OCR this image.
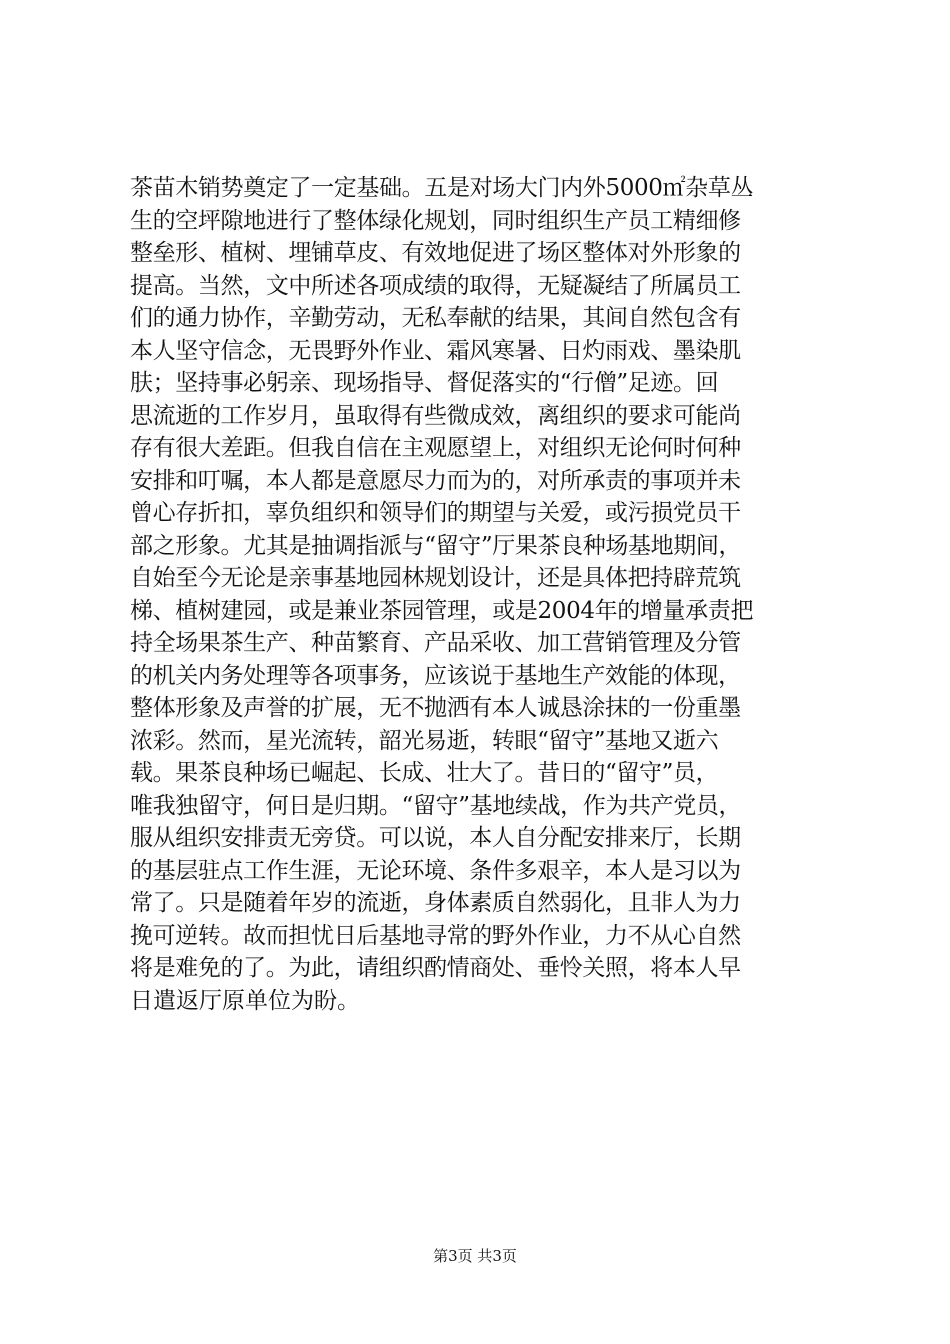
茶苗木销势奠定了一定基础。五是对场大门内外5000㎡杂草丛
生的空坪隙地进行了整体绿化规划，同时组织生产员工精细修
整垒形、植树、埋铺草皮、有效地促进了场区整体对外形象的
提高。当然，文中所述各项成绩的取得，无疑凝结了所属员工
们的通力协作，辛勤劳动，无私奉献的结果，其间自然包含有
本人坚守信念，无畏野外作业、霜风寒暑、日灼雨戏、墨染肌
肤；坚持事必躬亲、现场指导、督促落实的“行僧”足迹。回
思流逝的工作岁月，虽取得有些微成效，离组织的要求可能尚
存有很大差距。但我自信在主观愿望上，对组织无论何时何种
安排和叮嘱，本人都是意愿尽力而为的，对所承责的事项并未
曾心存折扣，辜负组织和领导们的期望与关爱，或污损党员干
部之形象。尤其是抽调指派与“留守”厅果茶良种场基地期间，
自始至今无论是亲事基地园林规划设计，还是具体把持辟荒筑
梯、植树建园，或是兼业茶园管理，或是2004年的增量承责把
持全场果茶生产、种苗繁育、产品采收、加工营销管理及分管
的机关内务处理等各项事务，应该说于基地生产效能的体现，
整体形象及声誉的扩展，无不抛洒有本人诚恳涂抹的一份重墨
浓彩。然而，星光流转，韶光易逝，转眼“留守”基地又逝六
载。果茶良种场已崛起、长成、壮大了。昔日的“留守”员，
唯我独留守，何日是归期。“留守”基地续战，作为共产党员，
服从组织安排责无旁贷。可以说，本人自分配安排来厅，长期
的基层驻点工作生涯，无论环境、条件多艰辛，本人是习以为
常了。只是随着年岁的流逝，身体素质自然弱化，且非人为力
挽可逆转。故而担忧日后基地寻常的野外作业，力不从心自然
将是难免的了。为此，请组织酌情商处、垂怜关照，将本人早
日遣返厅原单位为盼。
第3页 共3页
